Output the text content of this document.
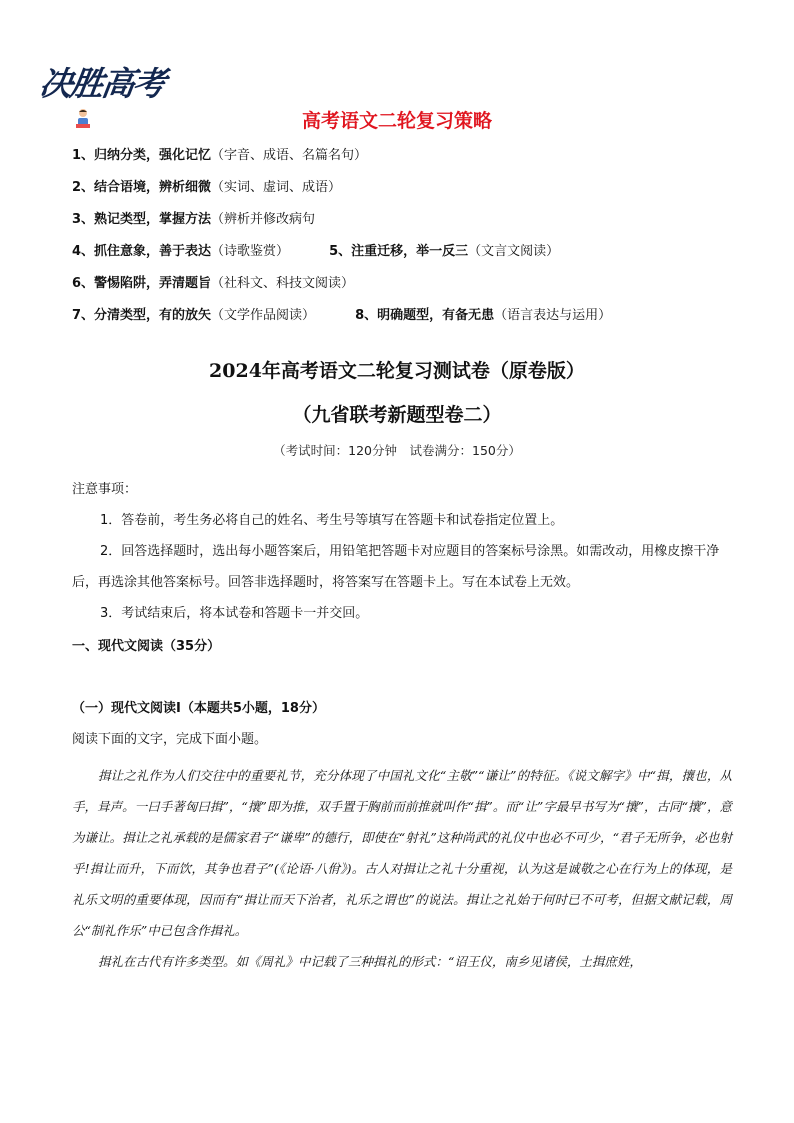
决胜高考
高考语文二轮复习策略
1、归纳分类，强化记忆（字音、成语、名篇名句）
2、结合语境，辨析细微（实词、虚词、成语）
3、熟记类型，掌握方法（辨析并修改病句
4、抓住意象，善于表达（诗歌鉴赏）	5、注重迁移，举一反三（文言文阅读）
6、警惕陷阱，弄清题旨（社科文、科技文阅读）
7、分清类型，有的放矢（文学作品阅读）	8、明确题型，有备无患（语言表达与运用）
2024年高考语文二轮复习测试卷（原卷版）
（九省联考新题型卷二）
（考试时间：120分钟　试卷满分：150分）

注意事项：

1．答卷前，考生务必将自己的姓名、考生号等填写在答题卡和试卷指定位置上。

2．回答选择题时，选出每小题答案后，用铅笔把答题卡对应题目的答案标号涂黑。如需改动，用橡皮擦干净后，再选涂其他答案标号。回答非选择题时，将答案写在答题卡上。写在本试卷上无效。

3．考试结束后，将本试卷和答题卡一并交回。

一、现代文阅读（35分）
（一）现代文阅读Ⅰ（本题共5小题，18分）
阅读下面的文字，完成下面小题。

揖让之礼作为人们交往中的重要礼节，充分体现了中国礼文化“主敬”“谦让”的特征。《说文解字》中“揖，攘也，从手，咠声。一曰手著匈曰揖”，“攘”即为推，双手置于胸前而前推就叫作“揖”。而“让”字最早书写为“攘”，古同“攘”，意为谦让。揖让之礼承载的是儒家君子“谦卑”的德行，即使在“射礼”这种尚武的礼仪中也必不可少，“君子无所争，必也射乎!揖让而升，下而饮，其争也君子”(《论语·八佾》)。古人对揖让之礼十分重视，认为这是诚敬之心在行为上的体现，是礼乐文明的重要体现，因而有“揖让而天下治者，礼乐之谓也”的说法。揖让之礼始于何时已不可考，但据文献记载，周公“制礼作乐”中已包含作揖礼。

揖礼在古代有许多类型。如《周礼》中记载了三种揖礼的形式：“诏王仪，南乡见诸侯，土揖庶姓，
